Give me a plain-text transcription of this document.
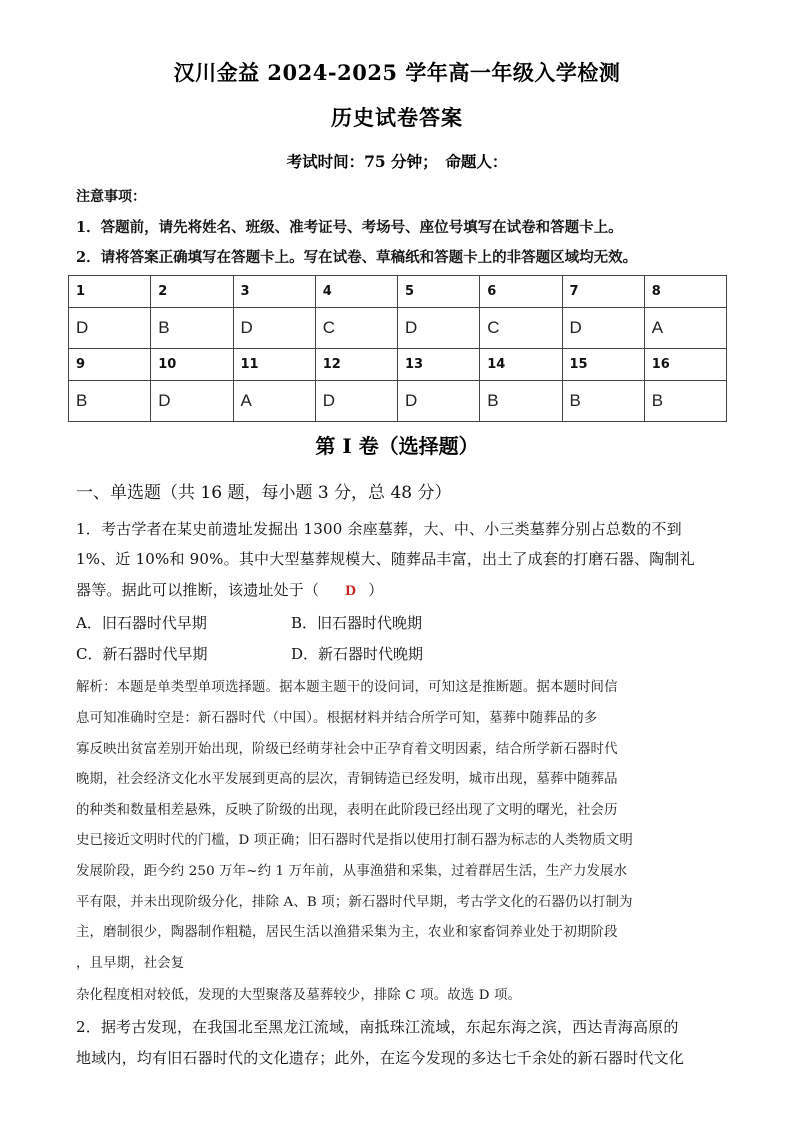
汉川金益 2024-2025 学年高一年级入学检测
历史试卷答案
考试时间：75 分钟；　命题人：
注意事项：
1．答题前，请先将姓名、班级、准考证号、考场号、座位号填写在试卷和答题卡上。
2．请将答案正确填写在答题卡上。写在试卷、草稿纸和答题卡上的非答题区域均无效。
1	2	3	4	5	6	7	8
D	B	D	C	D	C	D	A
9	10	11	12	13	14	15	16
B	D	A	D	D	B	B	B
第 I 卷（选择题）
一、单选题（共 16 题，每小题 3 分，总 48 分）
1．考古学者在某史前遗址发掘出 1300 余座墓葬，大、中、小三类墓葬分别占总数的不到
1%、近 10%和 90%。其中大型墓葬规模大、随葬品丰富，出土了成套的打磨石器、陶制礼
器等。据此可以推断，该遗址处于（ D ）
A．旧石器时代早期	B．旧石器时代晚期
C．新石器时代早期	D．新石器时代晚期
解析：本题是单类型单项选择题。据本题主题干的设问词，可知这是推断题。据本题时间信
息可知准确时空是：新石器时代（中国）。根据材料并结合所学可知，墓葬中随葬品的多
寡反映出贫富差别开始出现，阶级已经萌芽社会中正孕育着文明因素，结合所学新石器时代
晚期，社会经济文化水平发展到更高的层次，青铜铸造已经发明，城市出现，墓葬中随葬品
的种类和数量相差悬殊，反映了阶级的出现，表明在此阶段已经出现了文明的曙光，社会历
史已接近文明时代的门槛，D 项正确；旧石器时代是指以使用打制石器为标志的人类物质文明
发展阶段，距今约 250 万年~约 1 万年前，从事渔猎和采集，过着群居生活，生产力发展水
平有限，并未出现阶级分化，排除 A、B 项；新石器时代早期，考古学文化的石器仍以打制为
主，磨制很少，陶器制作粗糙，居民生活以渔猎采集为主，农业和家畜饲养业处于初期阶段
，且早期，社会复
杂化程度相对较低，发现的大型聚落及墓葬较少，排除 C 项。故选 D 项。
2．据考古发现，在我国北至黑龙江流域，南抵珠江流域，东起东海之滨，西达青海高原的
地域内，均有旧石器时代的文化遗存；此外，在迄今发现的多达七千余处的新石器时代文化
